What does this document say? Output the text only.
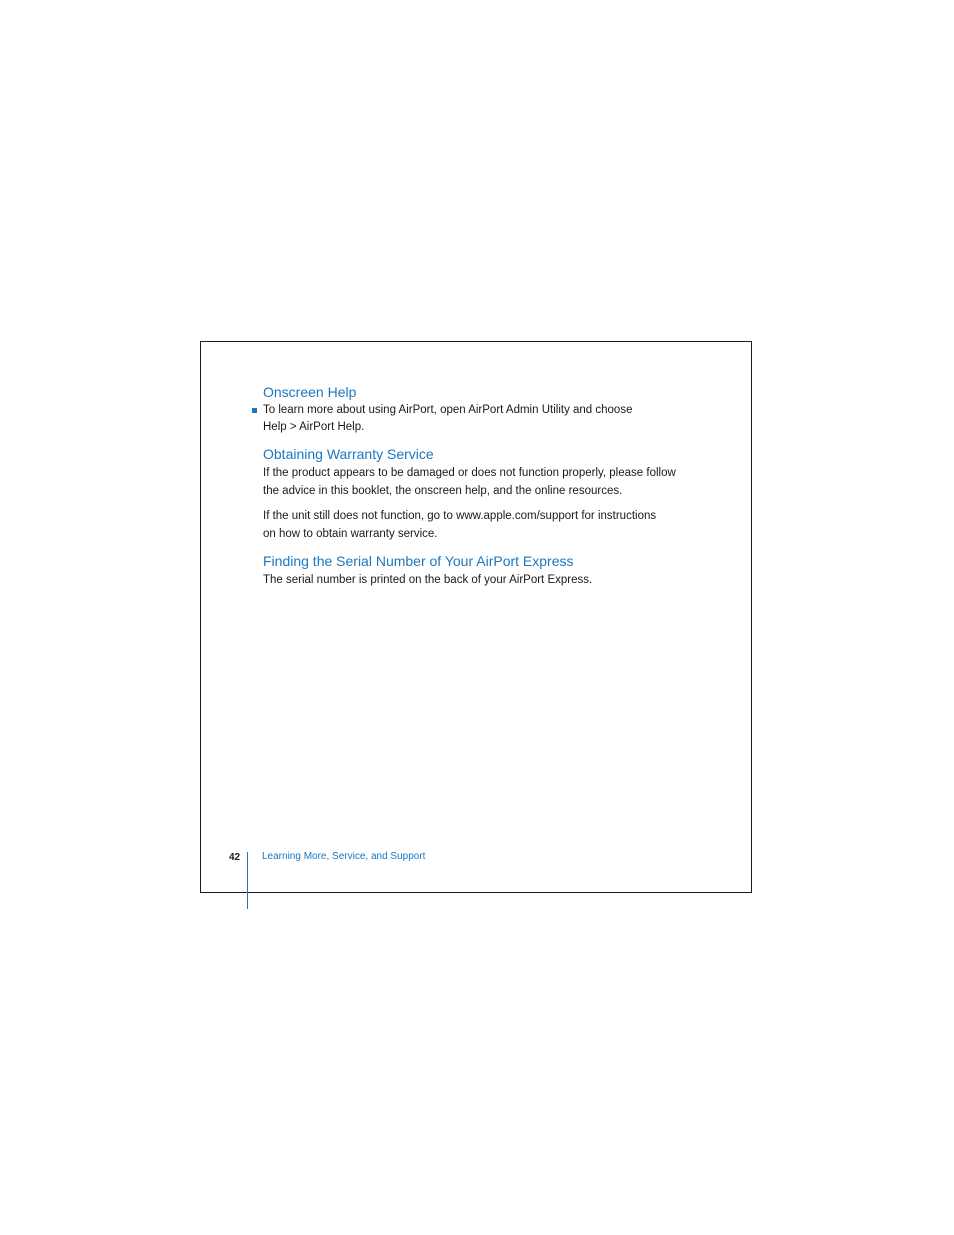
Onscreen Help
To learn more about using AirPort, open AirPort Admin Utility and choose
Help > AirPort Help.
Obtaining Warranty Service

If the product appears to be damaged or does not function properly, please follow
the advice in this booklet, the onscreen help, and the online resources.

If the unit still does not function, go to www.apple.com/support for instructions
on how to obtain warranty service.

Finding the Serial Number of Your AirPort Express

The serial number is printed on the back of your AirPort Express.

42 Learning More, Service, and Support
